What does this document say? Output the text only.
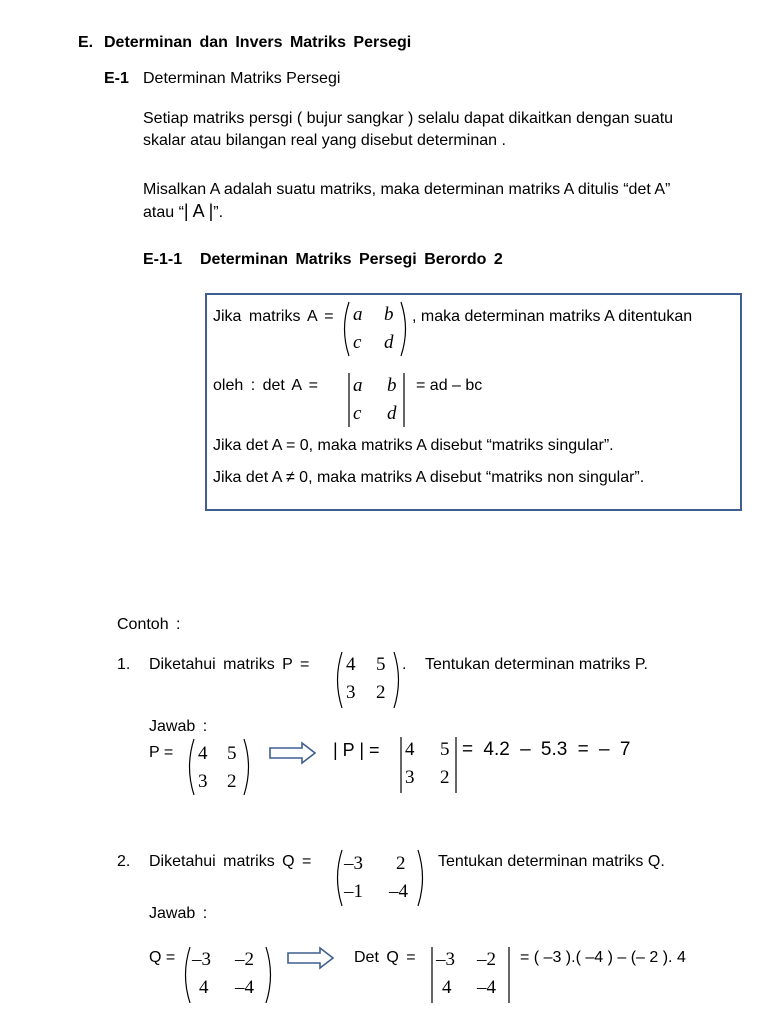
E. Determinan dan Invers Matriks Persegi
E-1 Determinan Matriks Persegi
Setiap matriks persgi ( bujur sangkar ) selalu dapat dikaitkan dengan suatu
skalar atau bilangan real yang disebut determinan .
Misalkan A adalah suatu matriks, maka determinan matriks A ditulis “det A”
atau “| A |”.
E-1-1 Determinan Matriks Persegi Berordo 2
Jika matriks A = a b
c d
, maka determinan matriks A ditentukan
oleh : det A = a b
c d
= ad – bc
Jika det A = 0, maka matriks A disebut “matriks singular”.
Jika det A ≠ 0, maka matriks A disebut “matriks non singular”.
Contoh :
1. Diketahui matriks P = 4 5
3 2
. Tentukan determinan matriks P.
Jawab :
P = 4 5
3 2
| P | = 4 5
3 2
= 4.2 – 5.3 = – 7
2. Diketahui matriks Q = –3 2
–1 –4
Tentukan determinan matriks Q.
Jawab :
Q = –3 –2
4 –4
Det Q = –3 –2
4 –4
= ( –3 ).( –4 ) – (– 2 ). 4
